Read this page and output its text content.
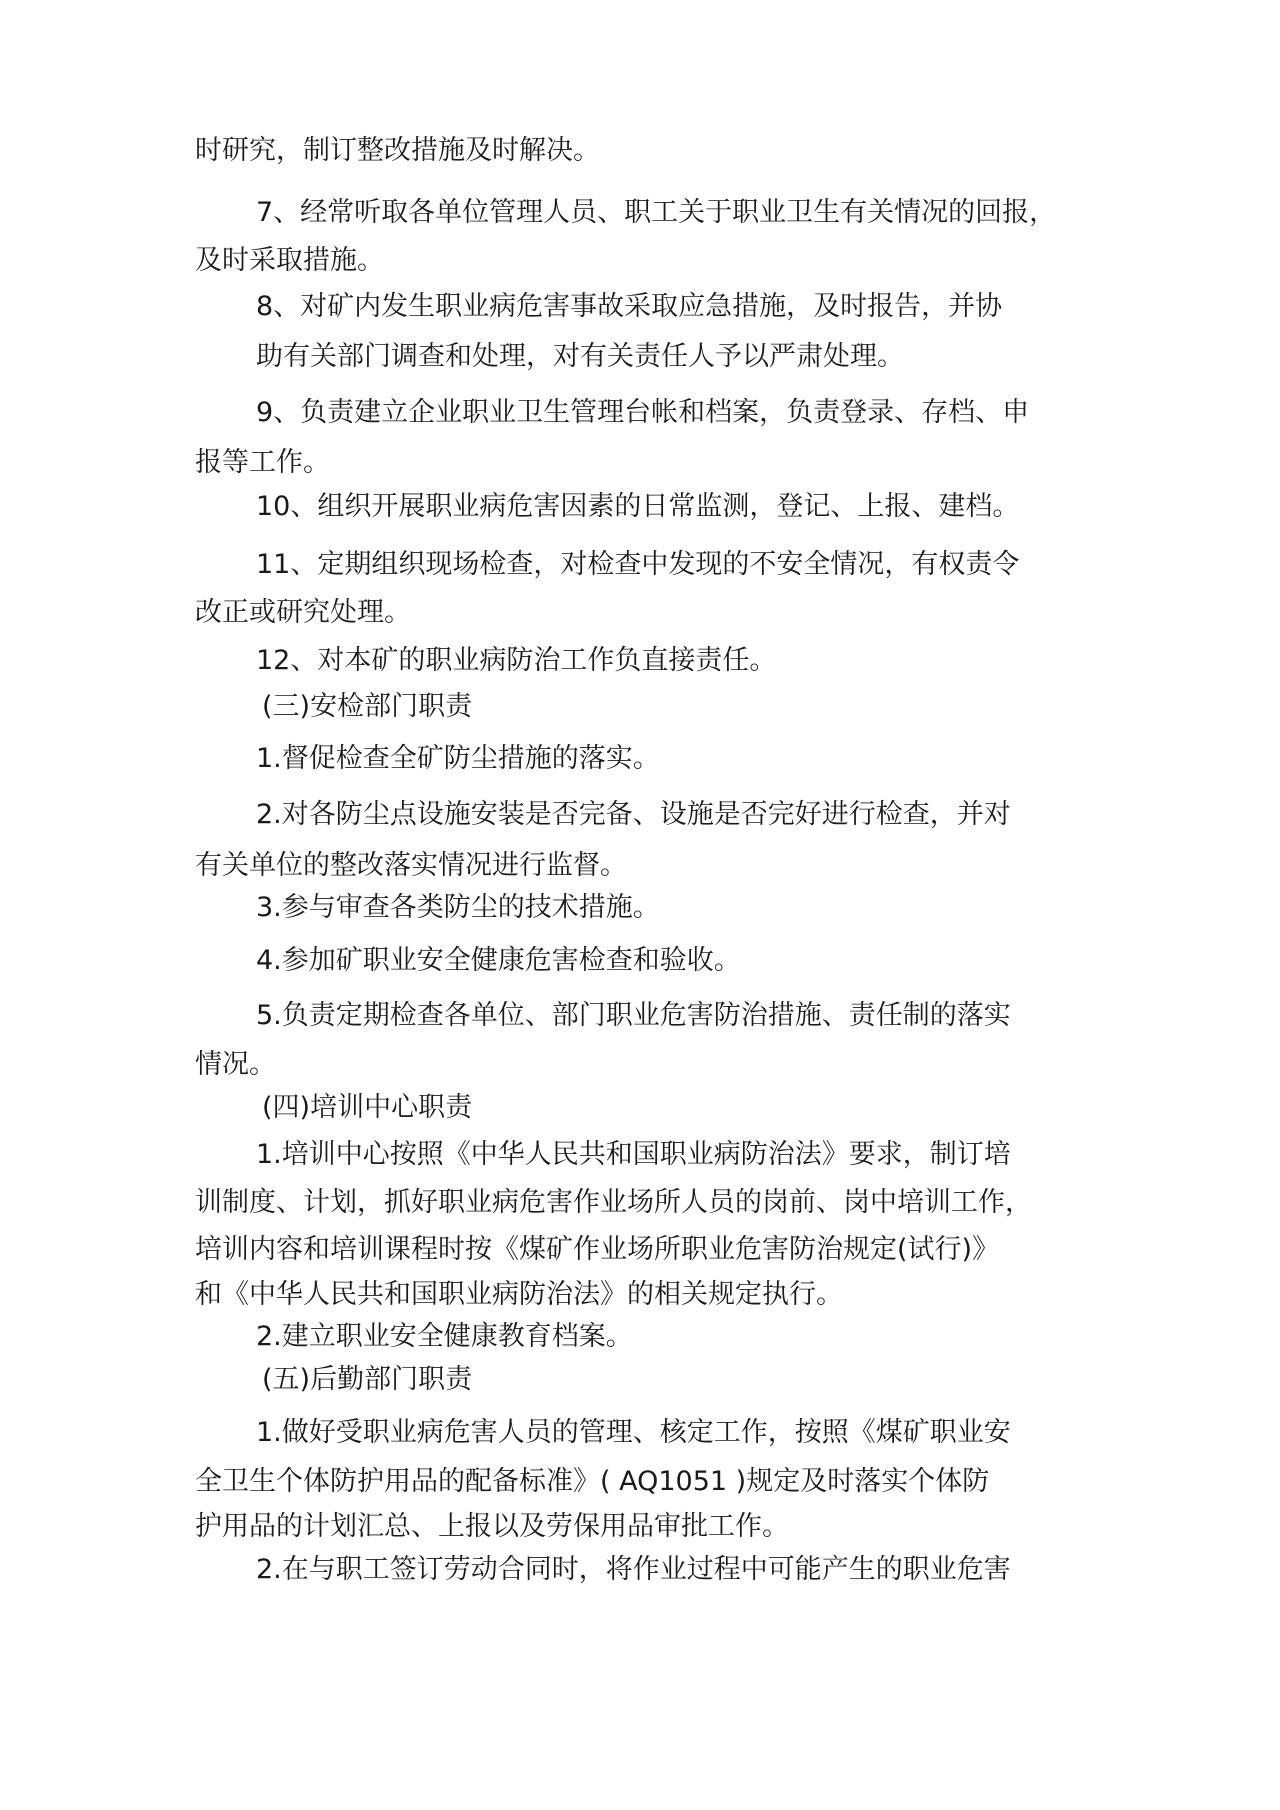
时研究，制订整改措施及时解决。
7、经常听取各单位管理人员、职工关于职业卫生有关情况的回报，
及时采取措施。
8、对矿内发生职业病危害事故采取应急措施，及时报告，并协
助有关部门调查和处理，对有关责任人予以严肃处理。
9、负责建立企业职业卫生管理台帐和档案，负责登录、存档、申
报等工作。
10、组织开展职业病危害因素的日常监测，登记、上报、建档。
11、定期组织现场检查，对检查中发现的不安全情况，有权责令
改正或研究处理。
12、对本矿的职业病防治工作负直接责任。
(三)安检部门职责
1.督促检查全矿防尘措施的落实。
2.对各防尘点设施安装是否完备、设施是否完好进行检查，并对
有关单位的整改落实情况进行监督。
3.参与审查各类防尘的技术措施。
4.参加矿职业安全健康危害检查和验收。
5.负责定期检查各单位、部门职业危害防治措施、责任制的落实
情况。
(四)培训中心职责
1.培训中心按照《中华人民共和国职业病防治法》要求，制订培
训制度、计划，抓好职业病危害作业场所人员的岗前、岗中培训工作，
培训内容和培训课程时按《煤矿作业场所职业危害防治规定(试行)》
和《中华人民共和国职业病防治法》的相关规定执行。
2.建立职业安全健康教育档案。
(五)后勤部门职责
1.做好受职业病危害人员的管理、核定工作，按照《煤矿职业安
全卫生个体防护用品的配备标准》( AQ1051 )规定及时落实个体防
护用品的计划汇总、上报以及劳保用品审批工作。
2.在与职工签订劳动合同时，将作业过程中可能产生的职业危害
